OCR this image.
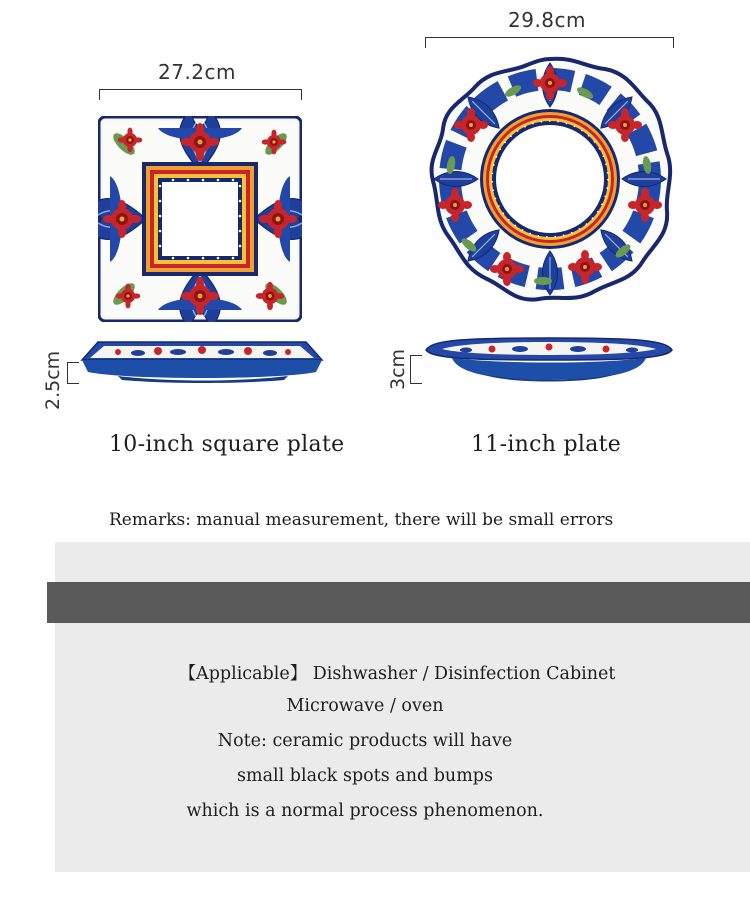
27.2cm
2.5cm
10-inch square plate
29.8cm
3cm
11-inch plate
Remarks: manual measurement, there will be small errors
【Applicable】 Dishwasher / Disinfection Cabinet
Microwave / oven
Note: ceramic products will have
small black spots and bumps
which is a normal process phenomenon.
